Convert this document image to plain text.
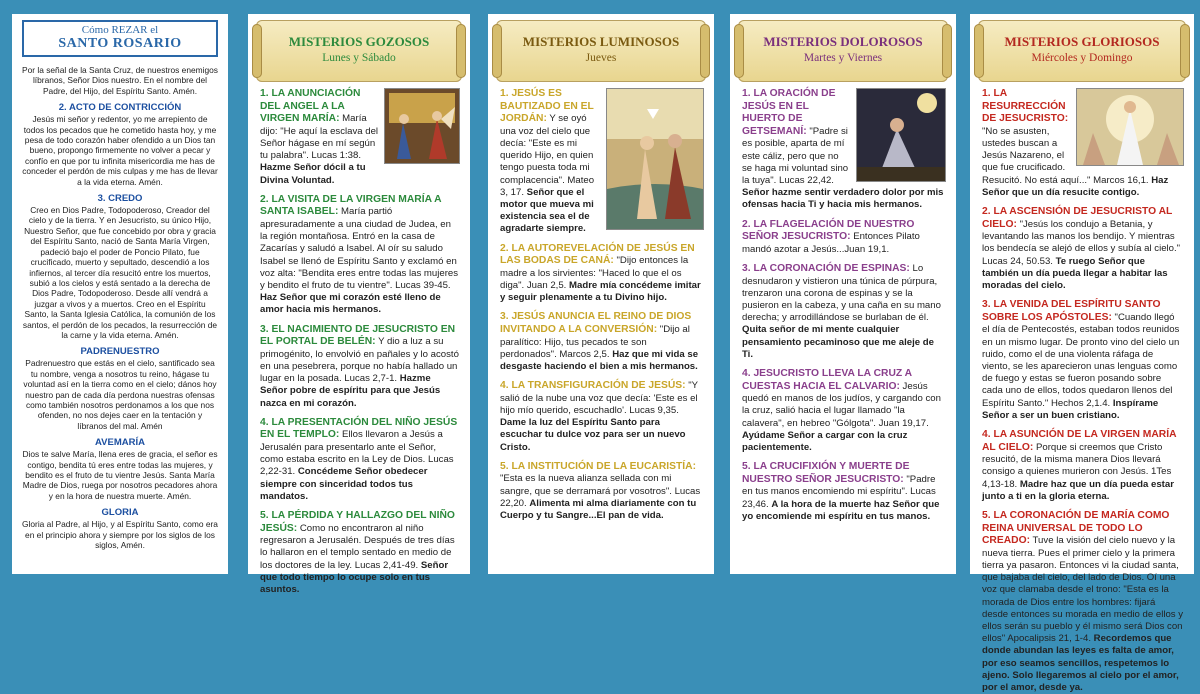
Cómo REZAR el
SANTO ROSARIO
Por la señal de la Santa Cruz, de nuestros enemigos líbranos, Señor Dios nuestro. En el nombre del Padre, del Hijo, del Espíritu Santo. Amén.
2. ACTO DE CONTRICCIÓN
Jesús mi señor y redentor, yo me arrepiento de todos los pecados que he cometido hasta hoy, y me pesa de todo corazón haber ofendido a un Dios tan bueno, propongo firmemente no volver a pecar y confío en que por tu infinita misericordia me has de conceder el perdón de mis culpas y me has de llevar a la vida eterna. Amén.
3. CREDO
Creo en Dios Padre, Todopoderoso, Creador del cielo y de la tierra. Y en Jesucristo, su único Hijo, Nuestro Señor, que fue concebido por obra y gracia del Espíritu Santo, nació de Santa María Virgen, padeció bajo el poder de Poncio Pilato, fue crucificado, muerto y sepultado, descendió a los infiernos, al tercer día resucitó entre los muertos, subió a los cielos y está sentado a la derecha de Dios Padre, Todopoderoso. Desde allí vendrá a juzgar a vivos y a muertos. Creo en el Espíritu Santo, la Santa Iglesia Católica, la comunión de los santos, el perdón de los pecados, la resurrección de la carne y la vida eterna. Amén.
PADRENUESTRO
Padrenuestro que estás en el cielo, santificado sea tu nombre, venga a nosotros tu reino, hágase tu voluntad así en la tierra como en el cielo; dános hoy nuestro pan de cada día perdona nuestras ofensas como también nosotros perdonamos a los que nos ofenden, no nos dejes caer en la tentación y líbranos del mal. Amén
AVEMARÍA
Dios te salve María, llena eres de gracia, el señor es contigo, bendita tú eres entre todas las mujeres, y bendito es el fruto de tu vientre Jesús. Santa María Madre de Dios, ruega por nosotros pecadores ahora y en la hora de nuestra muerte. Amén.
GLORIA
Gloria al Padre, al Hijo, y al Espíritu Santo, como era en el principio ahora y siempre por los siglos de los siglos, Amén.
MISTERIOS GOZOSOS
Lunes y Sábado
1. LA ANUNCIACIÓN DEL ANGEL A LA VIRGEN MARÍA: María dijo: "He aquí la esclava del Señor hágase en mí según tu palabra". Lucas 1:38. Hazme Señor dócil a tu Divina Voluntad.
2. LA VISITA DE LA VIRGEN MARÍA A SANTA ISABEL: María partió apresuradamente a una ciudad de Judea, en la región montañosa. Entró en la casa de Zacarías y saludó a Isabel. Al oír su saludo Isabel se llenó de Espíritu Santo y exclamó en voz alta: "Bendita eres entre todas las mujeres y bendito el fruto de tu vientre". Lucas 39-45. Haz Señor que mi corazón esté lleno de amor hacia mis hermanos.
3. EL NACIMIENTO DE JESUCRISTO EN EL PORTAL DE BELÉN: Y dio a luz a su primogénito, lo envolvió en pañales y lo acostó en una pesebrera, porque no había hallado un lugar en la posada. Lucas 2,7-1. Hazme Señor pobre de espíritu para que Jesús nazca en mi corazón.
4. LA PRESENTACIÓN DEL NIÑO JESÚS EN EL TEMPLO: Ellos llevaron a Jesús a Jerusalén para presentarlo ante el Señor, como estaba escrito en la Ley de Dios. Lucas 2,22-31. Concédeme Señor obedecer siempre con sinceridad todos tus mandatos.
5. LA PÉRDIDA Y HALLAZGO DEL NIÑO JESÚS: Como no encontraron al niño regresaron a Jerusalén. Después de tres días lo hallaron en el templo sentado en medio de los doctores de la ley. Lucas 2,41-49. Señor que todo tiempo lo ocupe solo en tus asuntos.
MISTERIOS LUMINOSOS
Jueves
1. JESÚS ES BAUTIZADO EN EL JORDÁN: Y se oyó una voz del cielo que decía: "Este es mi querido Hijo, en quien tengo puesta toda mi complacencia". Mateo 3, 17. Señor que el motor que mueva mi existencia sea el de agradarte siempre.
2. LA AUTOREVELACIÓN DE JESÚS EN LAS BODAS DE CANÁ: "Dijo entonces la madre a los sirvientes: "Haced lo que el os diga". Juan 2,5. Madre mía concédeme imitar y seguir plenamente a tu Divino hijo.
3. JESÚS ANUNCIA EL REINO DE DIOS INVITANDO A LA CONVERSIÓN: "Dijo al paralítico: Hijo, tus pecados te son perdonados". Marcos 2,5. Haz que mi vida se desgaste haciendo el bien a mis hermanos.
4. LA TRANSFIGURACIÓN DE JESÚS: "Y salió de la nube una voz que decía: 'Este es el hijo mío querido, escuchadlo'. Lucas 9,35. Dame la luz del Espíritu Santo para escuchar tu dulce voz para ser un nuevo Cristo.
5. LA INSTITUCIÓN DE LA EUCARISTÍA: "Esta es la nueva alianza sellada con mi sangre, que se derramará por vosotros". Lucas 22,20. Alimenta mi alma diariamente con tu Cuerpo y tu Sangre...El pan de vida.
MISTERIOS DOLOROSOS
Martes y Viernes
1. LA ORACIÓN DE JESÚS EN EL HUERTO DE GETSEMANÍ: "Padre si es posible, aparta de mí este cáliz, pero que no se haga mi voluntad sino la tuya". Lucas 22,42. Señor hazme sentir verdadero dolor por mis ofensas hacia Ti y hacia mis hermanos.
2. LA FLAGELACIÓN DE NUESTRO SEÑOR JESUCRISTO: Entonces Pilato mandó azotar a Jesús...Juan 19,1.
3. LA CORONACIÓN DE ESPINAS: Lo desnudaron y vistieron una túnica de púrpura, trenzaron una corona de espinas y se la pusieron en la cabeza, y una caña en su mano derecha; y arrodillándose se burlaban de él. Quita señor de mi mente cualquier pensamiento pecaminoso que me aleje de Ti.
4. JESUCRISTO LLEVA LA CRUZ A CUESTAS HACIA EL CALVARIO: Jesús quedó en manos de los judíos, y cargando con la cruz, salió hacia el lugar llamado "la calavera", en hebreo "Gólgota". Juan 19,17. Ayúdame Señor a cargar con la cruz pacientemente.
5. LA CRUCIFIXIÓN Y MUERTE DE NUESTRO SEÑOR JESUCRISTO: "Padre en tus manos encomiendo mi espíritu". Lucas 23,46. A la hora de la muerte haz Señor que yo encomiende mi espíritu en tus manos.
MISTERIOS GLORIOSOS
Miércoles y Domingo
1. LA RESURRECCIÓN DE JESUCRISTO: "No se asusten, ustedes buscan a Jesús Nazareno, el que fue crucificado. Resucitó. No está aquí..." Marcos 16,1. Haz Señor que un día resucite contigo.
2. LA ASCENSIÓN DE JESUCRISTO AL CIELO: "Jesús los condujo a Betania, y levantando las manos los bendijo. Y mientras los bendecía se alejó de ellos y subía al cielo." Lucas 24, 50.53. Te ruego Señor que también un día pueda llegar a habitar las moradas del cielo.
3. LA VENIDA DEL ESPÍRITU SANTO SOBRE LOS APÓSTOLES: "Cuando llegó el día de Pentecostés, estaban todos reunidos en un mismo lugar. De pronto vino del cielo un ruido, como el de una violenta ráfaga de viento, se les aparecieron unas lenguas como de fuego y estas se fueron posando sobre cada uno de ellos, todos quedaron llenos del Espíritu Santo." Hechos 2,1.4. Inspírame Señor a ser un buen cristiano.
4. LA ASUNCIÓN DE LA VIRGEN MARÍA AL CIELO: Porque si creemos que Cristo resucitó, de la misma manera Dios llevará consigo a quienes murieron con Jesús. 1Tes 4,13-18. Madre haz que un día pueda estar junto a ti en la gloria eterna.
5. LA CORONACIÓN DE MARÍA COMO REINA UNIVERSAL DE TODO LO CREADO: Tuve la visión del cielo nuevo y la nueva tierra. Pues el primer cielo y la primera tierra ya pasaron. Entonces vi la ciudad santa, que bajaba del cielo, del lado de Dios. Oí una voz que clamaba desde el trono: "Esta es la morada de Dios entre los hombres: fijará desde entonces su morada en medio de ellos y ellos serán su pueblo y él mismo será Dios con ellos" Apocalipsis 21, 1-4. Recordemos que donde abundan las leyes es falta de amor, por eso seamos sencillos, respetemos lo ajeno. Solo llegaremos al cielo por el amor, por el amor, desde ya.
